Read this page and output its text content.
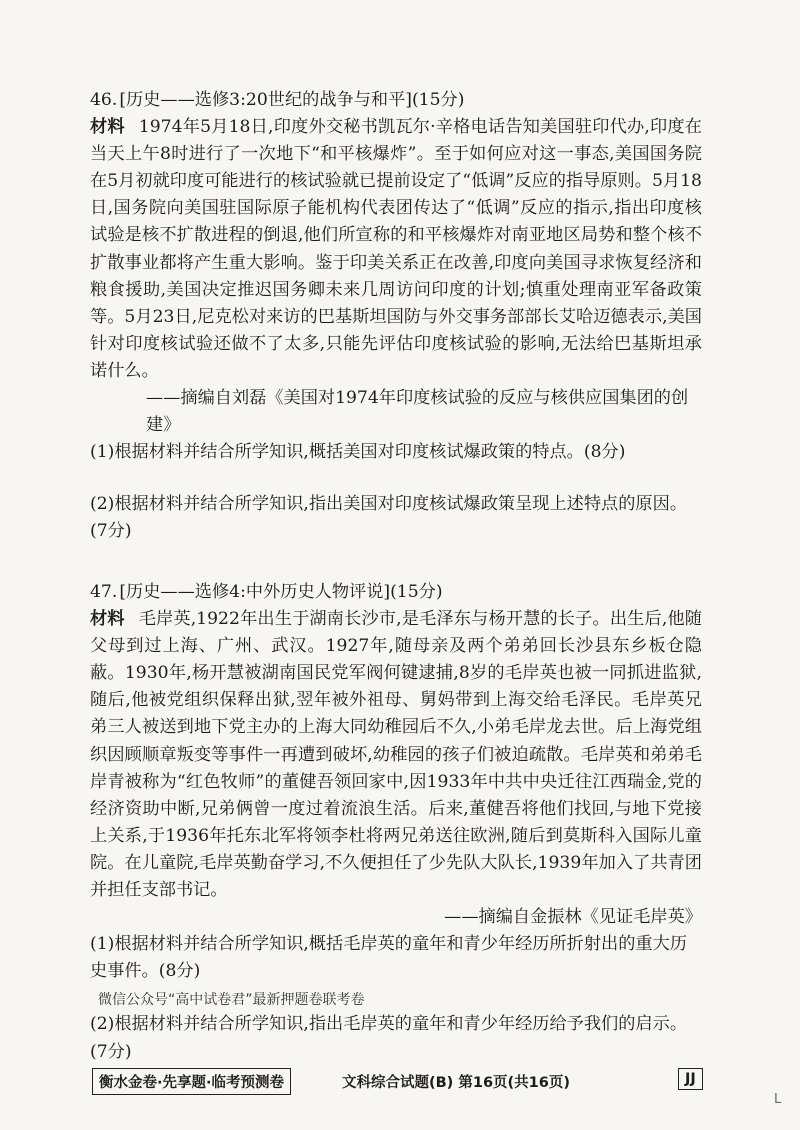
46. [历史——选修3:20世纪的战争与和平](15分)

材料 1974年5月18日,印度外交秘书凯瓦尔·辛格电话告知美国驻印代办,印度在当天上午8时进行了一次地下“和平核爆炸”。至于如何应对这一事态,美国国务院在5月初就印度可能进行的核试验就已提前设定了“低调”反应的指导原则。5月18日,国务院向美国驻国际原子能机构代表团传达了“低调”反应的指示,指出印度核试验是核不扩散进程的倒退,他们所宣称的和平核爆炸对南亚地区局势和整个核不扩散事业都将产生重大影响。鉴于印美关系正在改善,印度向美国寻求恢复经济和粮食援助,美国决定推迟国务卿未来几周访问印度的计划;慎重处理南亚军备政策等。5月23日,尼克松对来访的巴基斯坦国防与外交事务部部长艾哈迈德表示,美国针对印度核试验还做不了太多,只能先评估印度核试验的影响,无法给巴基斯坦承诺什么。

——摘编自刘磊《美国对1974年印度核试验的反应与核供应国集团的创建》

(1)根据材料并结合所学知识,概括美国对印度核试爆政策的特点。(8分)

(2)根据材料并结合所学知识,指出美国对印度核试爆政策呈现上述特点的原因。(7分)

47. [历史——选修4:中外历史人物评说](15分)

材料 毛岸英,1922年出生于湖南长沙市,是毛泽东与杨开慧的长子。出生后,他随父母到过上海、广州、武汉。1927年,随母亲及两个弟弟回长沙县东乡板仓隐蔽。1930年,杨开慧被湖南国民党军阀何键逮捕,8岁的毛岸英也被一同抓进监狱,随后,他被党组织保释出狱,翌年被外祖母、舅妈带到上海交给毛泽民。毛岸英兄弟三人被送到地下党主办的上海大同幼稚园后不久,小弟毛岸龙去世。后上海党组织因顾顺章叛变等事件一再遭到破坏,幼稚园的孩子们被迫疏散。毛岸英和弟弟毛岸青被称为“红色牧师”的董健吾领回家中,因1933年中共中央迁往江西瑞金,党的经济资助中断,兄弟俩曾一度过着流浪生活。后来,董健吾将他们找回,与地下党接上关系,于1936年托东北军将领李杜将两兄弟送往欧洲,随后到莫斯科入国际儿童院。在儿童院,毛岸英勤奋学习,不久便担任了少先队大队长,1939年加入了共青团并担任支部书记。

——摘编自金振林《见证毛岸英》

(1)根据材料并结合所学知识,概括毛岸英的童年和青少年经历所折射出的重大历史事件。(8分)

微信公众号“高中试卷君”最新押题卷联考卷

(2)根据材料并结合所学知识,指出毛岸英的童年和青少年经历给予我们的启示。(7分)

衡水金卷·先享题·临考预测卷	文科综合试题(B) 第16页(共16页)	JJ
L
